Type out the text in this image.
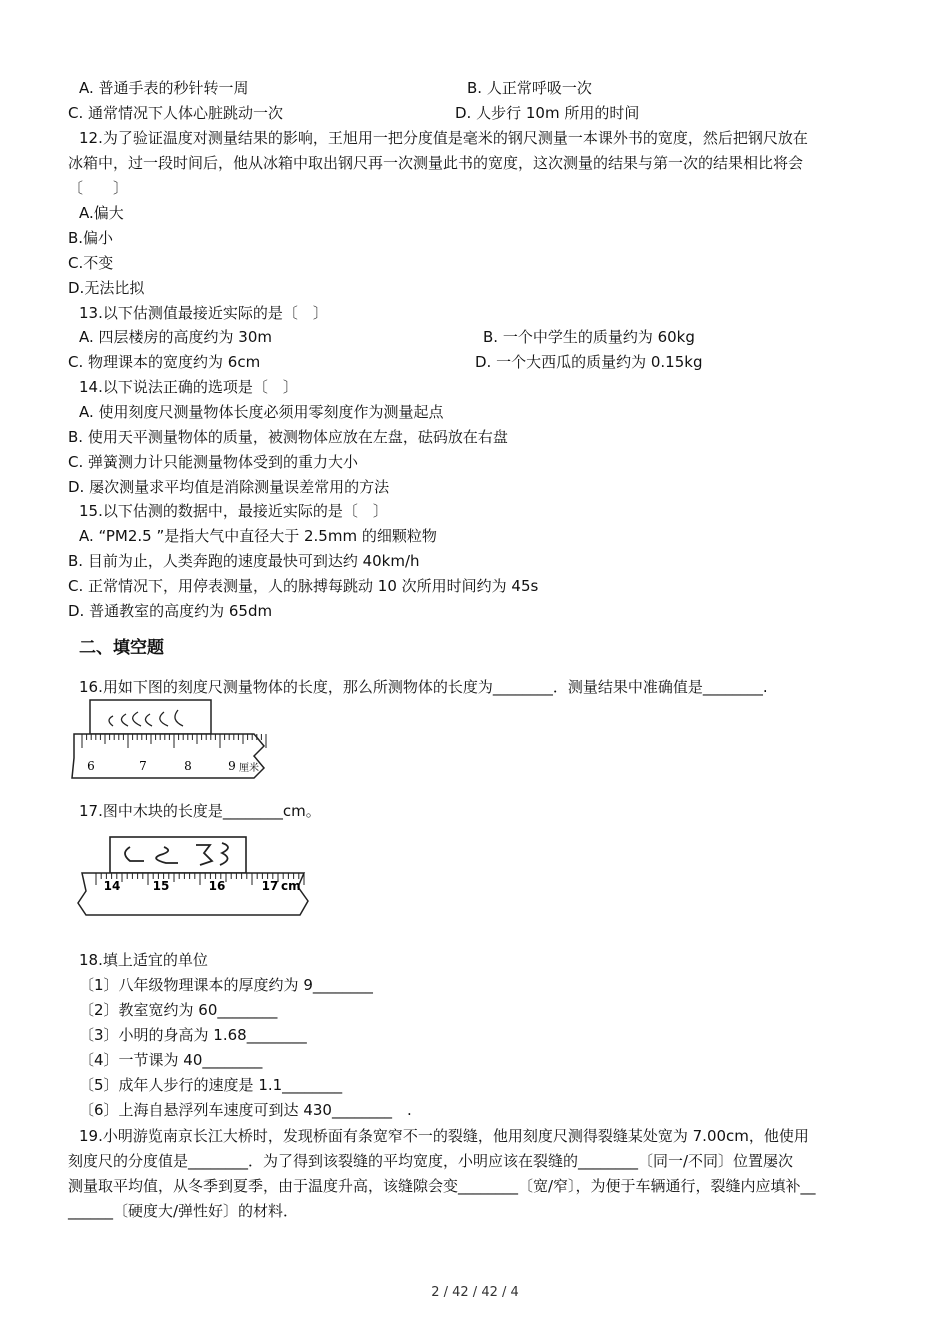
A. 普通手表的秒针转一周	B. 人正常呼吸一次
C. 通常情况下人体心脏跳动一次	D. 人步行 10m 所用的时间
12.为了验证温度对测量结果的影响，王旭用一把分度值是毫米的钢尺测量一本课外书的宽度，然后把钢尺放在
冰箱中，过一段时间后，他从冰箱中取出钢尺再一次测量此书的宽度，这次测量的结果与第一次的结果相比将会
〔　　〕
A.偏大
B.偏小
C.不变
D.无法比拟
13.以下估测值最接近实际的是〔　〕
A. 四层楼房的高度约为 30m	B. 一个中学生的质量约为 60kg
C. 物理课本的宽度约为 6cm	D. 一个大西瓜的质量约为 0.15kg
14.以下说法正确的选项是〔　〕
A. 使用刻度尺测量物体长度必须用零刻度作为测量起点
B. 使用天平测量物体的质量，被测物体应放在左盘，砝码放在右盘
C. 弹簧测力计只能测量物体受到的重力大小
D. 屡次测量求平均值是消除测量误差常用的方法
15.以下估测的数据中，最接近实际的是〔　〕
A. “PM2.5 ”是指大气中直径大于 2.5mm 的细颗粒物
B. 目前为止，人类奔跑的速度最快可到达约 40km/h
C. 正常情况下，用停表测量，人的脉搏每跳动 10 次所用时间约为 45s
D. 普通教室的高度约为 65dm
二、填空题
16.用如下图的刻度尺测量物体的长度，那么所测物体的长度为________．测量结果中准确值是________.
6	7	8	9 厘米
17.图中木块的长度是________cm。
14	15	16	17 cm
18.填上适宜的单位
〔1〕八年级物理课本的厚度约为 9________
〔2〕教室宽约为 60________
〔3〕小明的身高为 1.68________
〔4〕一节课为 40________
〔5〕成年人步行的速度是 1.1________
〔6〕上海自悬浮列车速度可到达 430________　.
19.小明游览南京长江大桥时，发现桥面有条宽窄不一的裂缝，他用刻度尺测得裂缝某处宽为 7.00cm，他使用
刻度尺的分度值是________．为了得到该裂缝的平均宽度，小明应该在裂缝的________〔同一/不同〕位置屡次
测量取平均值，从冬季到夏季，由于温度升高，该缝隙会变________〔宽/窄〕，为便于车辆通行，裂缝内应填补__
______〔硬度大/弹性好〕的材料．
2 / 42 / 42 / 4
